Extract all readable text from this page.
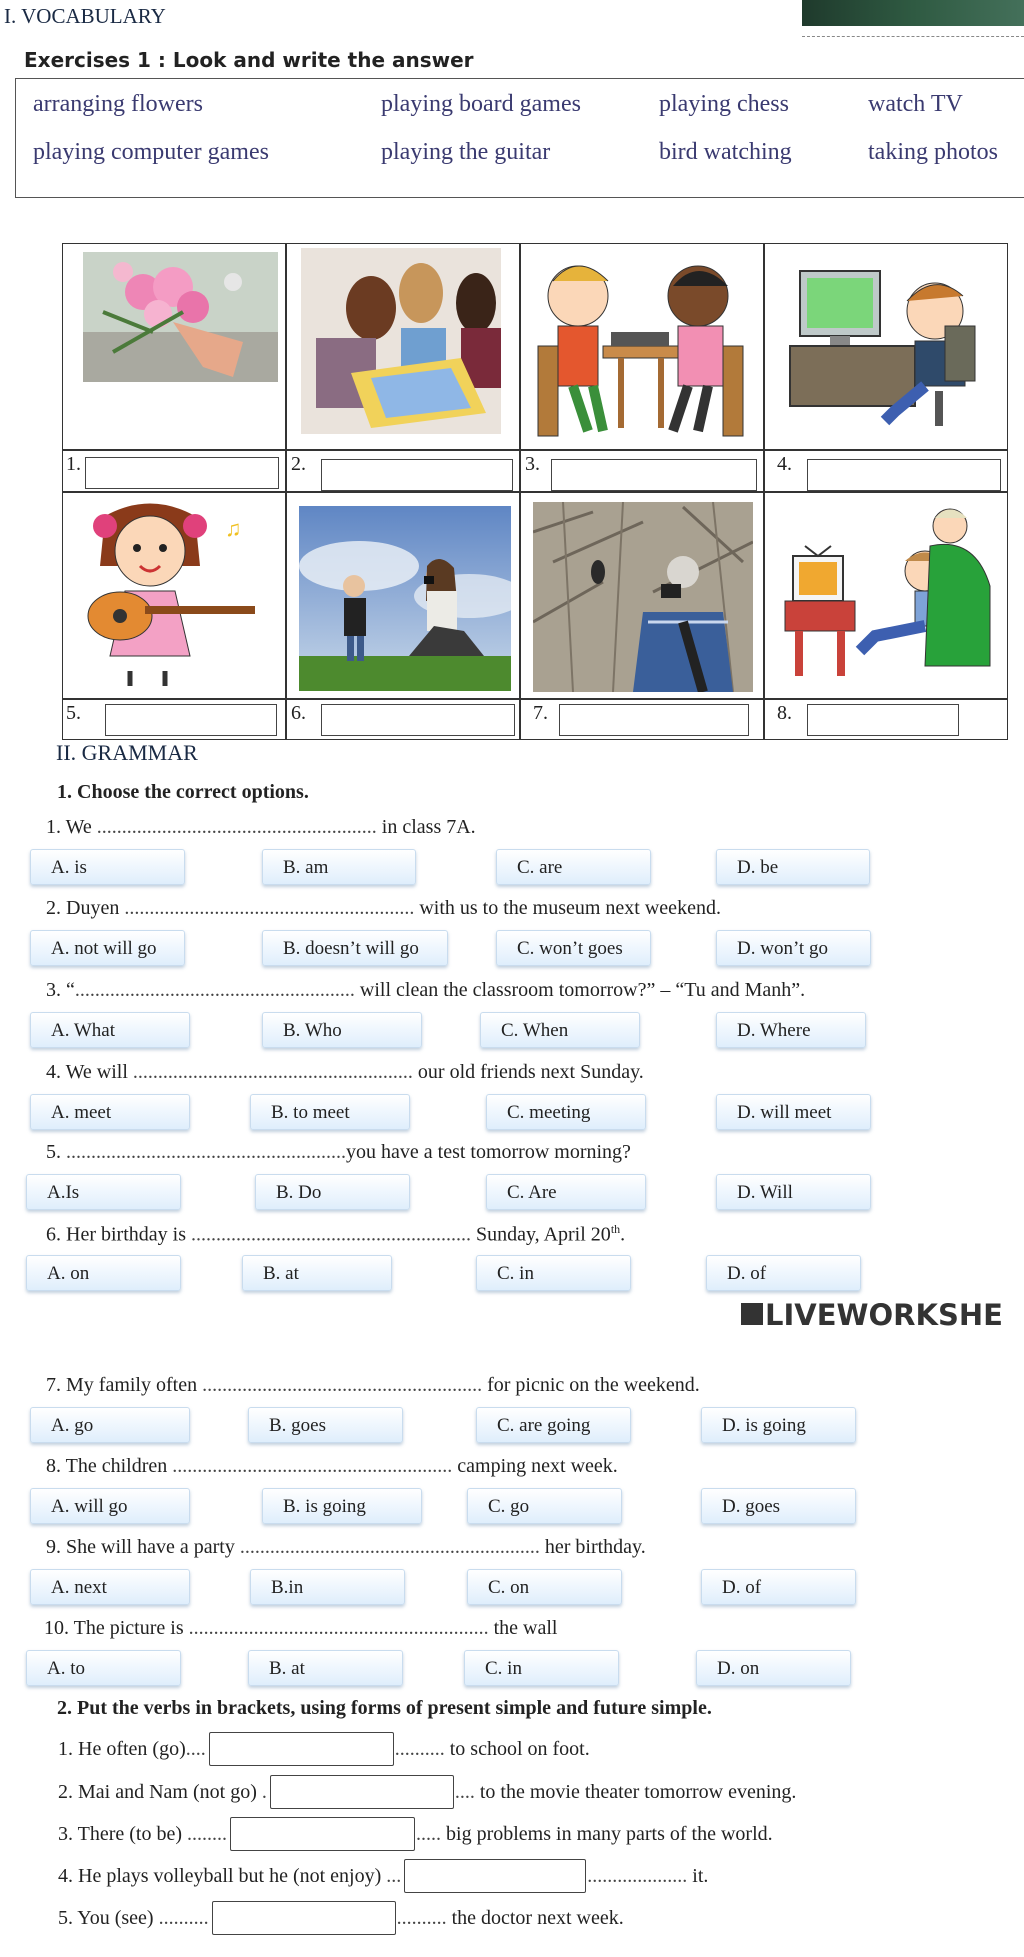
I. VOCABULARY
Exercises 1 : Look and write the answer
arranging flowers	playing board games	playing chess	watch TV
playing computer games	playing the guitar	bird watching	taking photos
1.	2.	3.	4.
♫
5.	6.	7.	8.
II. GRAMMAR
1. Choose the correct options.
1. We ........................................................ in class 7A.
A. is	B. am	C. are	D. be
2. Duyen .......................................................... with us to the museum next weekend.
A. not will go	B. doesn’t will go	C. won’t goes	D. won’t go
3. “........................................................ will clean the classroom tomorrow?” – “Tu and Manh”.
A. What	B. Who	C. When	D. Where
4. We will ........................................................ our old friends next Sunday.
A. meet	B. to meet	C. meeting	D. will meet
5. ........................................................you have a test tomorrow morning?
A.Is	B. Do	C. Are	D. Will
6. Her birthday is ........................................................ Sunday, April 20th.
A. on	B. at	C. in	D. of
7. My family often ........................................................ for picnic on the weekend.
A. go	B. goes	C. are going	D. is going
8. The children ........................................................ camping next week.
A. will go	B. is going	C. go	D. goes
9. She will have a party ............................................................ her birthday.
A. next	B.in	C. on	D. of
10. The picture is ............................................................ the wall
A. to	B. at	C. in	D. on
LIVEWORKSHE
2. Put the verbs in brackets, using forms of present simple and future simple.
1. He often (go)....	.......... to school on foot.
2. Mai and Nam (not go) .	.... to the movie theater tomorrow evening.
3. There (to be) ........	..... big problems in many parts of the world.
4. He plays volleyball but he (not enjoy) ...	.................... it.
5. You (see) ..........	.......... the doctor next week.
